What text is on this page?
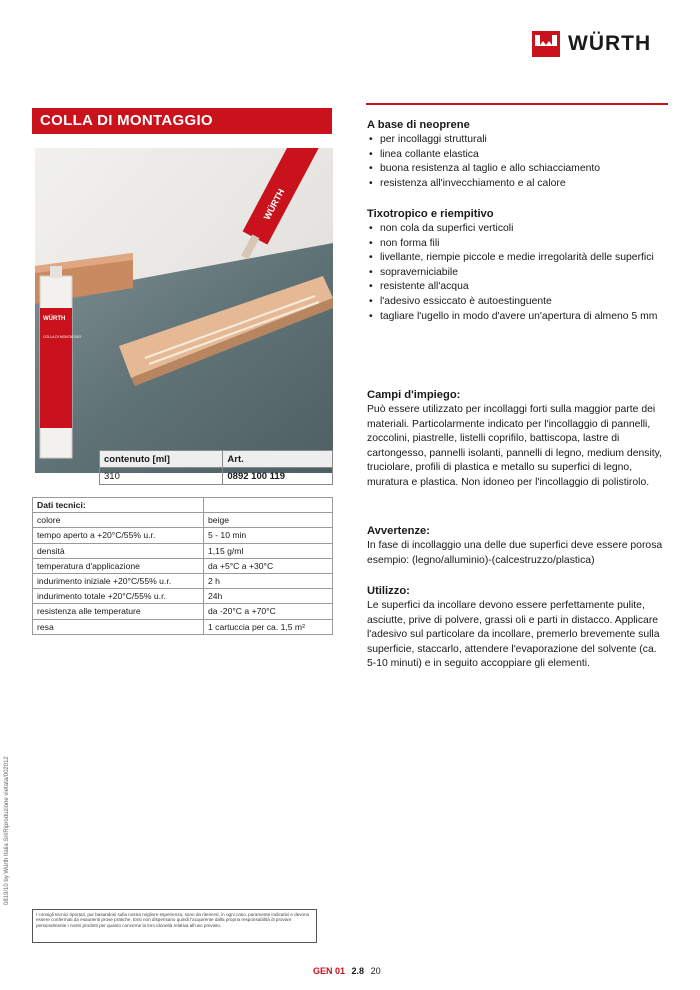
WÜRTH
COLLA DI MONTAGGIO
WÜRTH
WÜRTH
COLLA DI MONTAGGIO
contenuto [ml]	Art.
310	0892 100 119
Dati tecnici:	
colore	beige
tempo aperto a +20°C/55% u.r.	5 - 10 min
densità	1,15 g/ml
temperatura d'applicazione	da +5°C a +30°C
indurimento iniziale +20°C/55% u.r.	2 h
indurimento totale +20°C/55% u.r.	24h
resistenza alle temperature	da -20°C a +70°C
resa	1 cartuccia per ca. 1,5 m²
A base di neoprene
• per incollaggi strutturali
• linea collante elastica
• buona resistenza al taglio e allo schiacciamento
• resistenza all'invecchiamento e al calore
Tixotropico e riempitivo
• non cola da superfici verticoli
• non forma fili
• livellante, riempie piccole e medie irregolarità delle superfici
• sopraverniciabile
• resistente all'acqua
• l'adesivo essiccato è autoestinguente
• tagliare l'ugello in modo d'avere un'apertura di almeno 5 mm
Campi d'impiego:

Può essere utilizzato per incollaggi forti sulla maggior parte dei materiali. Particolarmente indicato per l'incollaggio di pannelli, zoccolini, piastrelle, listelli coprifilo, battiscopa, lastre di cartongesso, pannelli isolanti, pannelli di legno, medium density, truciolare, profili di plastica e metallo su superfici di legno, muratura e plastica. Non idoneo per l'incollaggio di polistirolo.

Avvertenze:

In fase di incollaggio una delle due superfici deve essere porosa esempio: (legno/alluminio)-(calcestruzzo/plastica)

Utilizzo:

Le superfici da incollare devono essere perfettamente pulite, asciutte, prive di polvere, grassi oli e parti in distacco. Applicare l'adesivo sul particolare da incollare, premerlo brevemente sulla superficie, staccarlo, attendere l'evaporazione del solvente (ca. 5-10 minuti) e in seguito accoppiare gli elementi.

0819/10 by Würth Italia Srl/Riproduzione vietata/002012
I consigli tecnici riportati, pur basandosi sulla nostra migliore esperienza, sono da ritenersi, in ogni caso, puramente indicativi e devono essere confermati da esaurienti prove pratiche. Essi non dispensano quindi l'acquirente dalla propria responsabilità di provare personalmente i nostri prodotti per quanto concerne la loro idoneità relativa all'uso previsto.
GEN 01 2.8 20
